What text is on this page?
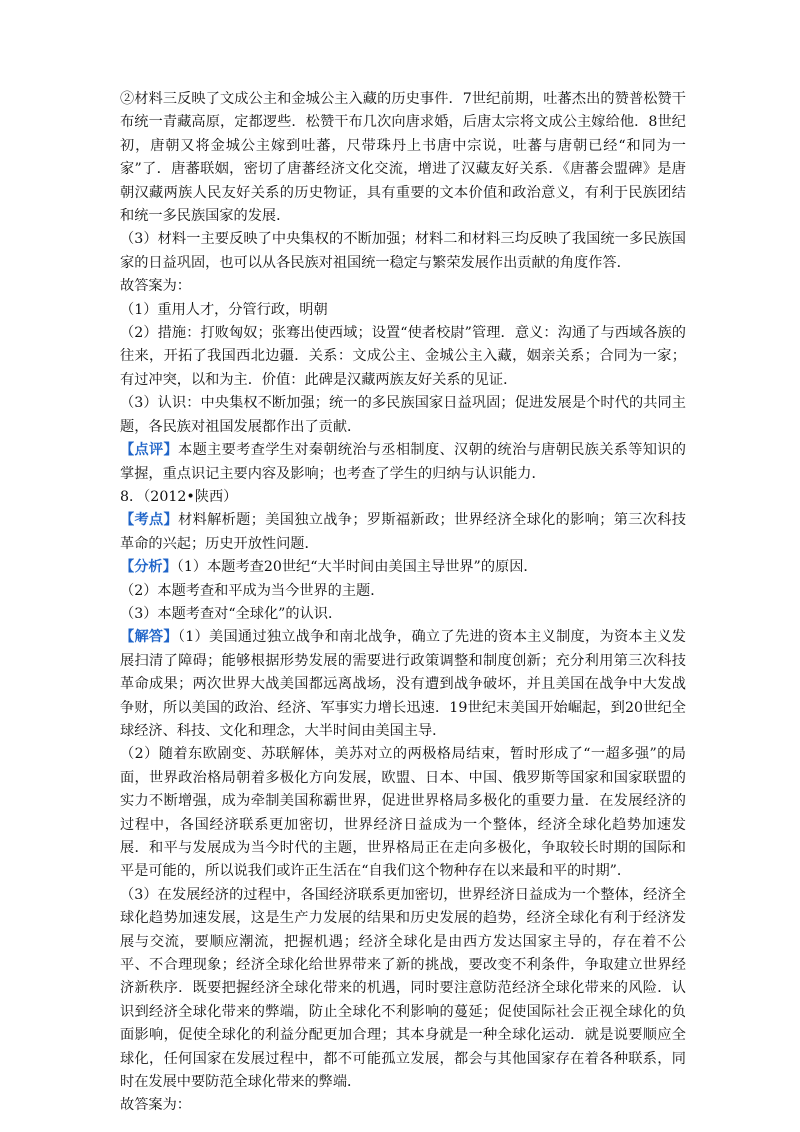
②材料三反映了文成公主和金城公主入藏的历史事件．7世纪前期，吐蕃杰出的赞普松赞干布统一青藏高原，定都逻些．松赞干布几次向唐求婚，后唐太宗将文成公主嫁给他．8世纪初，唐朝又将金城公主嫁到吐蕃，尺带珠丹上书唐中宗说，吐蕃与唐朝已经“和同为一家”了．唐蕃联姻，密切了唐蕃经济文化交流，增进了汉藏友好关系．《唐蕃会盟碑》是唐朝汉藏两族人民友好关系的历史物证，具有重要的文本价值和政治意义，有利于民族团结和统一多民族国家的发展．

（3）材料一主要反映了中央集权的不断加强；材料二和材料三均反映了我国统一多民族国家的日益巩固，也可以从各民族对祖国统一稳定与繁荣发展作出贡献的角度作答．

故答案为：

（1）重用人才，分管行政，明朝

（2）措施：打败匈奴；张骞出使西域；设置“使者校尉”管理．意义：沟通了与西域各族的往来，开拓了我国西北边疆．关系：文成公主、金城公主入藏，姻亲关系；合同为一家；有过冲突，以和为主．价值：此碑是汉藏两族友好关系的见证．

（3）认识：中央集权不断加强；统一的多民族国家日益巩固；促进发展是个时代的共同主题，各民族对祖国发展都作出了贡献．

【点评】本题主要考查学生对秦朝统治与丞相制度、汉朝的统治与唐朝民族关系等知识的掌握，重点识记主要内容及影响；也考查了学生的归纳与认识能力．

8．（2012•陕西）

【考点】材料解析题；美国独立战争；罗斯福新政；世界经济全球化的影响；第三次科技革命的兴起；历史开放性问题．

【分析】（1）本题考查20世纪“大半时间由美国主导世界”的原因．

（2）本题考查和平成为当今世界的主题．

（3）本题考查对“全球化”的认识．

【解答】（1）美国通过独立战争和南北战争，确立了先进的资本主义制度，为资本主义发展扫清了障碍；能够根据形势发展的需要进行政策调整和制度创新；充分利用第三次科技革命成果；两次世界大战美国都远离战场，没有遭到战争破坏，并且美国在战争中大发战争财，所以美国的政治、经济、军事实力增长迅速．19世纪末美国开始崛起，到20世纪全球经济、科技、文化和理念，大半时间由美国主导．

（2）随着东欧剧变、苏联解体，美苏对立的两极格局结束，暂时形成了“一超多强”的局面，世界政治格局朝着多极化方向发展，欧盟、日本、中国、俄罗斯等国家和国家联盟的实力不断增强，成为牵制美国称霸世界，促进世界格局多极化的重要力量．在发展经济的过程中，各国经济联系更加密切，世界经济日益成为一个整体，经济全球化趋势加速发展．和平与发展成为当今时代的主题，世界格局正在走向多极化，争取较长时期的国际和平是可能的，所以说我们或许正生活在“自我们这个物种存在以来最和平的时期”．

（3）在发展经济的过程中，各国经济联系更加密切，世界经济日益成为一个整体，经济全球化趋势加速发展，这是生产力发展的结果和历史发展的趋势，经济全球化有利于经济发展与交流，要顺应潮流，把握机遇；经济全球化是由西方发达国家主导的，存在着不公平、不合理现象；经济全球化给世界带来了新的挑战，要改变不利条件，争取建立世界经济新秩序．既要把握经济全球化带来的机遇，同时要注意防范经济全球化带来的风险．认识到经济全球化带来的弊端，防止全球化不利影响的蔓延；促使国际社会正视全球化的负面影响，促使全球化的利益分配更加合理；其本身就是一种全球化运动．就是说要顺应全球化，任何国家在发展过程中，都不可能孤立发展，都会与其他国家存在着各种联系，同时在发展中要防范全球化带来的弊端．

故答案为：
